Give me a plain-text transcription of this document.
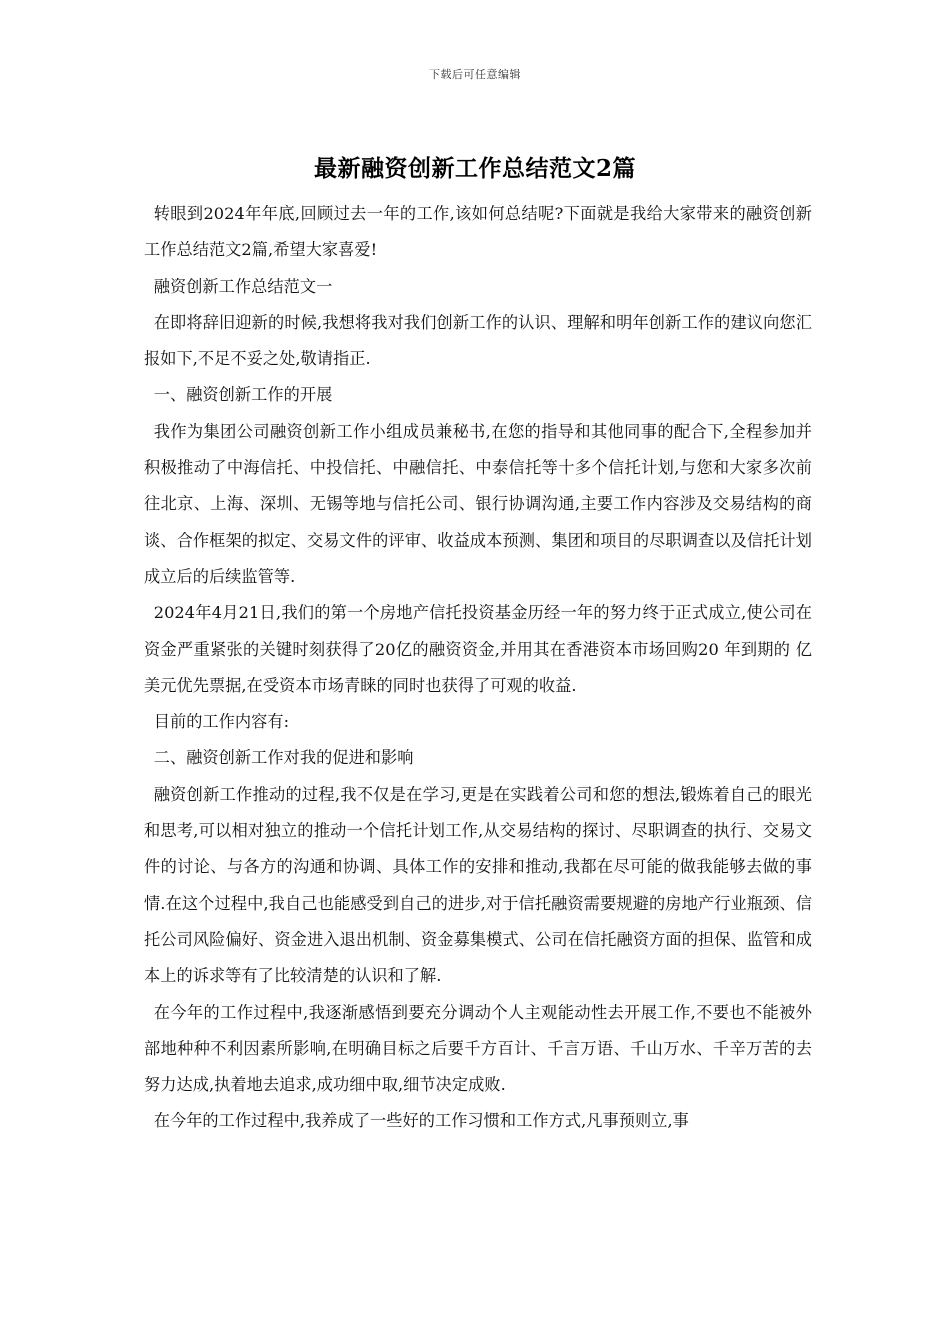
下载后可任意编辑
最新融资创新工作总结范文2篇

转眼到2024年年底,回顾过去一年的工作,该如何总结呢?下面就是我给大家带来的融资创新工作总结范文2篇,希望大家喜爱!

融资创新工作总结范文一

在即将辞旧迎新的时候,我想将我对我们创新工作的认识、理解和明年创新工作的建议向您汇报如下,不足不妥之处,敬请指正.

一、融资创新工作的开展

我作为集团公司融资创新工作小组成员兼秘书,在您的指导和其他同事的配合下,全程参加并积极推动了中海信托、中投信托、中融信托、中泰信托等十多个信托计划,与您和大家多次前往北京、上海、深圳、无锡等地与信托公司、银行协调沟通,主要工作内容涉及交易结构的商谈、合作框架的拟定、交易文件的评审、收益成本预测、集团和项目的尽职调查以及信托计划成立后的后续监管等.

2024年4月21日,我们的第一个房地产信托投资基金历经一年的努力终于正式成立,使公司在资金严重紧张的关键时刻获得了20亿的融资资金,并用其在香港资本市场回购20 年到期的 亿美元优先票据,在受资本市场青睐的同时也获得了可观的收益.

目前的工作内容有:

二、融资创新工作对我的促进和影响

融资创新工作推动的过程,我不仅是在学习,更是在实践着公司和您的想法,锻炼着自己的眼光和思考,可以相对独立的推动一个信托计划工作,从交易结构的探讨、尽职调查的执行、交易文件的讨论、与各方的沟通和协调、具体工作的安排和推动,我都在尽可能的做我能够去做的事情.在这个过程中,我自己也能感受到自己的进步,对于信托融资需要规避的房地产行业瓶颈、信托公司风险偏好、资金进入退出机制、资金募集模式、公司在信托融资方面的担保、监管和成本上的诉求等有了比较清楚的认识和了解.

在今年的工作过程中,我逐渐感悟到要充分调动个人主观能动性去开展工作,不要也不能被外部地种种不利因素所影响,在明确目标之后要千方百计、千言万语、千山万水、千辛万苦的去努力达成,执着地去追求,成功细中取,细节决定成败.

在今年的工作过程中,我养成了一些好的工作习惯和工作方式,凡事预则立,事
